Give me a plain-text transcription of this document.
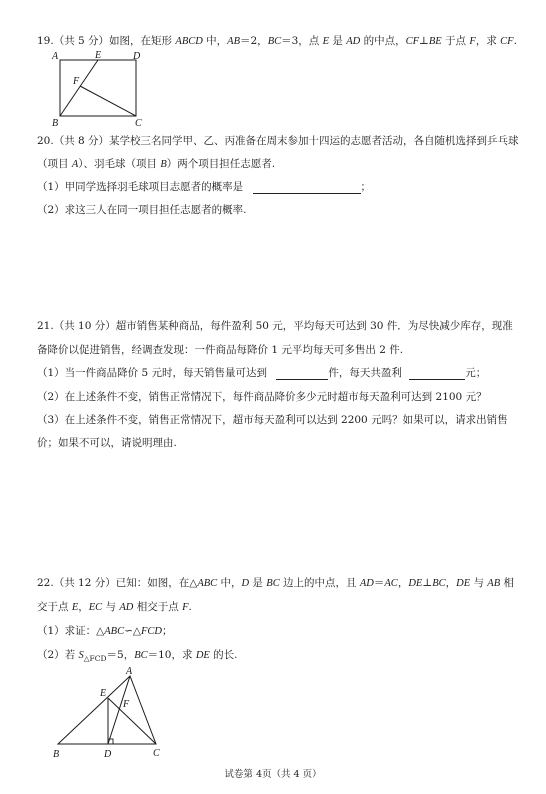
19.（共 5 分）如图，在矩形 ABCD 中，AB＝2，BC＝3，点 E 是 AD 的中点，CF⊥BE 于点 F，求 CF.
A	E	D
F
B	C
20.（共 8 分）某学校三名同学甲、乙、丙准备在周末参加十四运的志愿者活动，各自随机选择到乒乓球
（项目 A）、羽毛球（项目 B）两个项目担任志愿者.
（1）甲同学选择羽毛球项目志愿者的概率是	；
（2）求这三人在同一项目担任志愿者的概率.
21.（共 10 分）超市销售某种商品，每件盈利 50 元，平均每天可达到 30 件．为尽快减少库存，现准
备降价以促进销售，经调查发现：一件商品每降价 1 元平均每天可多售出 2 件.
（1）当一件商品降价 5 元时，每天销售量可达到	件，每天共盈利	元；
（2）在上述条件不变，销售正常情况下，每件商品降价多少元时超市每天盈利可达到 2100 元？
（3）在上述条件不变，销售正常情况下，超市每天盈利可以达到 2200 元吗？如果可以，请求出销售
价；如果不可以，请说明理由.
22.（共 12 分）已知：如图，在△ABC 中，D 是 BC 边上的中点，且 AD＝AC，DE⊥BC，DE 与 AB 相
交于点 E，EC 与 AD 相交于点 F.
（1）求证：△ABC∽△FCD；
（2）若 $S_{\triangle FCD}=5$，BC＝10，求 DE 的长.
A
E
F
B	D	C
试卷第 4页（共 4 页）
